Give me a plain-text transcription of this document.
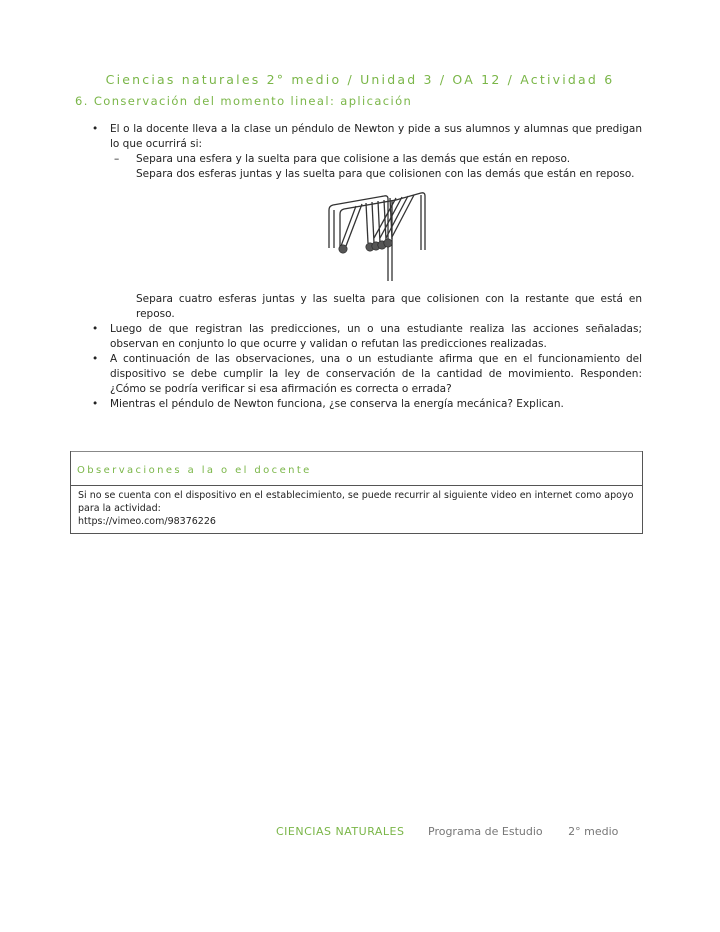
Ciencias naturales 2° medio / Unidad 3 / OA 12 / Actividad 6
6. Conservación del momento lineal: aplicación
• El o la docente lleva a la clase un péndulo de Newton y pide a sus alumnos y alumnas que predigan lo que ocurrirá si:
– Separa una esfera y la suelta para que colisione a las demás que están en reposo.
Separa dos esferas juntas y las suelta para que colisionen con las demás que están en reposo.
Separa cuatro esferas juntas y las suelta para que colisionen con la restante que está en reposo.
• Luego de que registran las predicciones, un o una estudiante realiza las acciones señaladas; observan en conjunto lo que ocurre y validan o refutan las predicciones realizadas.
• A continuación de las observaciones, una o un estudiante afirma que en el funcionamiento del dispositivo se debe cumplir la ley de conservación de la cantidad de movimiento. Responden: ¿Cómo se podría verificar si esa afirmación es correcta o errada?
• Mientras el péndulo de Newton funciona, ¿se conserva la energía mecánica? Explican.
Observaciones a la o el docente
Si no se cuenta con el dispositivo en el establecimiento, se puede recurrir al siguiente video en internet como apoyo para la actividad:
https://vimeo.com/98376226
CIENCIAS NATURALES Programa de Estudio 2° medio
